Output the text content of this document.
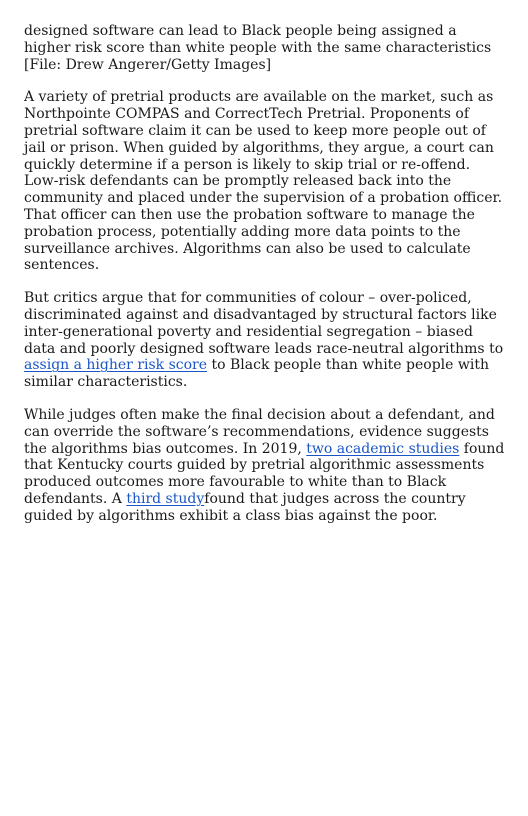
designed software can lead to Black people being assigned a higher risk score than white people with the same characteristics [File: Drew Angerer/Getty Images]

A variety of pretrial products are available on the market, such as Northpointe COMPAS and CorrectTech Pretrial. Proponents of pretrial software claim it can be used to keep more people out of jail or prison. When guided by algorithms, they argue, a court can quickly determine if a person is likely to skip trial or re-offend. Low-risk defendants can be promptly released back into the community and placed under the supervision of a probation officer. That officer can then use the probation software to manage the probation process, potentially adding more data points to the surveillance archives. Algorithms can also be used to calculate sentences.

But critics argue that for communities of colour – over-policed, discriminated against and disadvantaged by structural factors like inter-generational poverty and residential segregation – biased data and poorly designed software leads race-neutral algorithms to assign a higher risk score to Black people than white people with similar characteristics.

While judges often make the final decision about a defendant, and can override the software’s recommendations, evidence suggests the algorithms bias outcomes. In 2019, two academic studies found that Kentucky courts guided by pretrial algorithmic assessments produced outcomes more favourable to white than to Black defendants. A third studyfound that judges across the country guided by algorithms exhibit a class bias against the poor.
